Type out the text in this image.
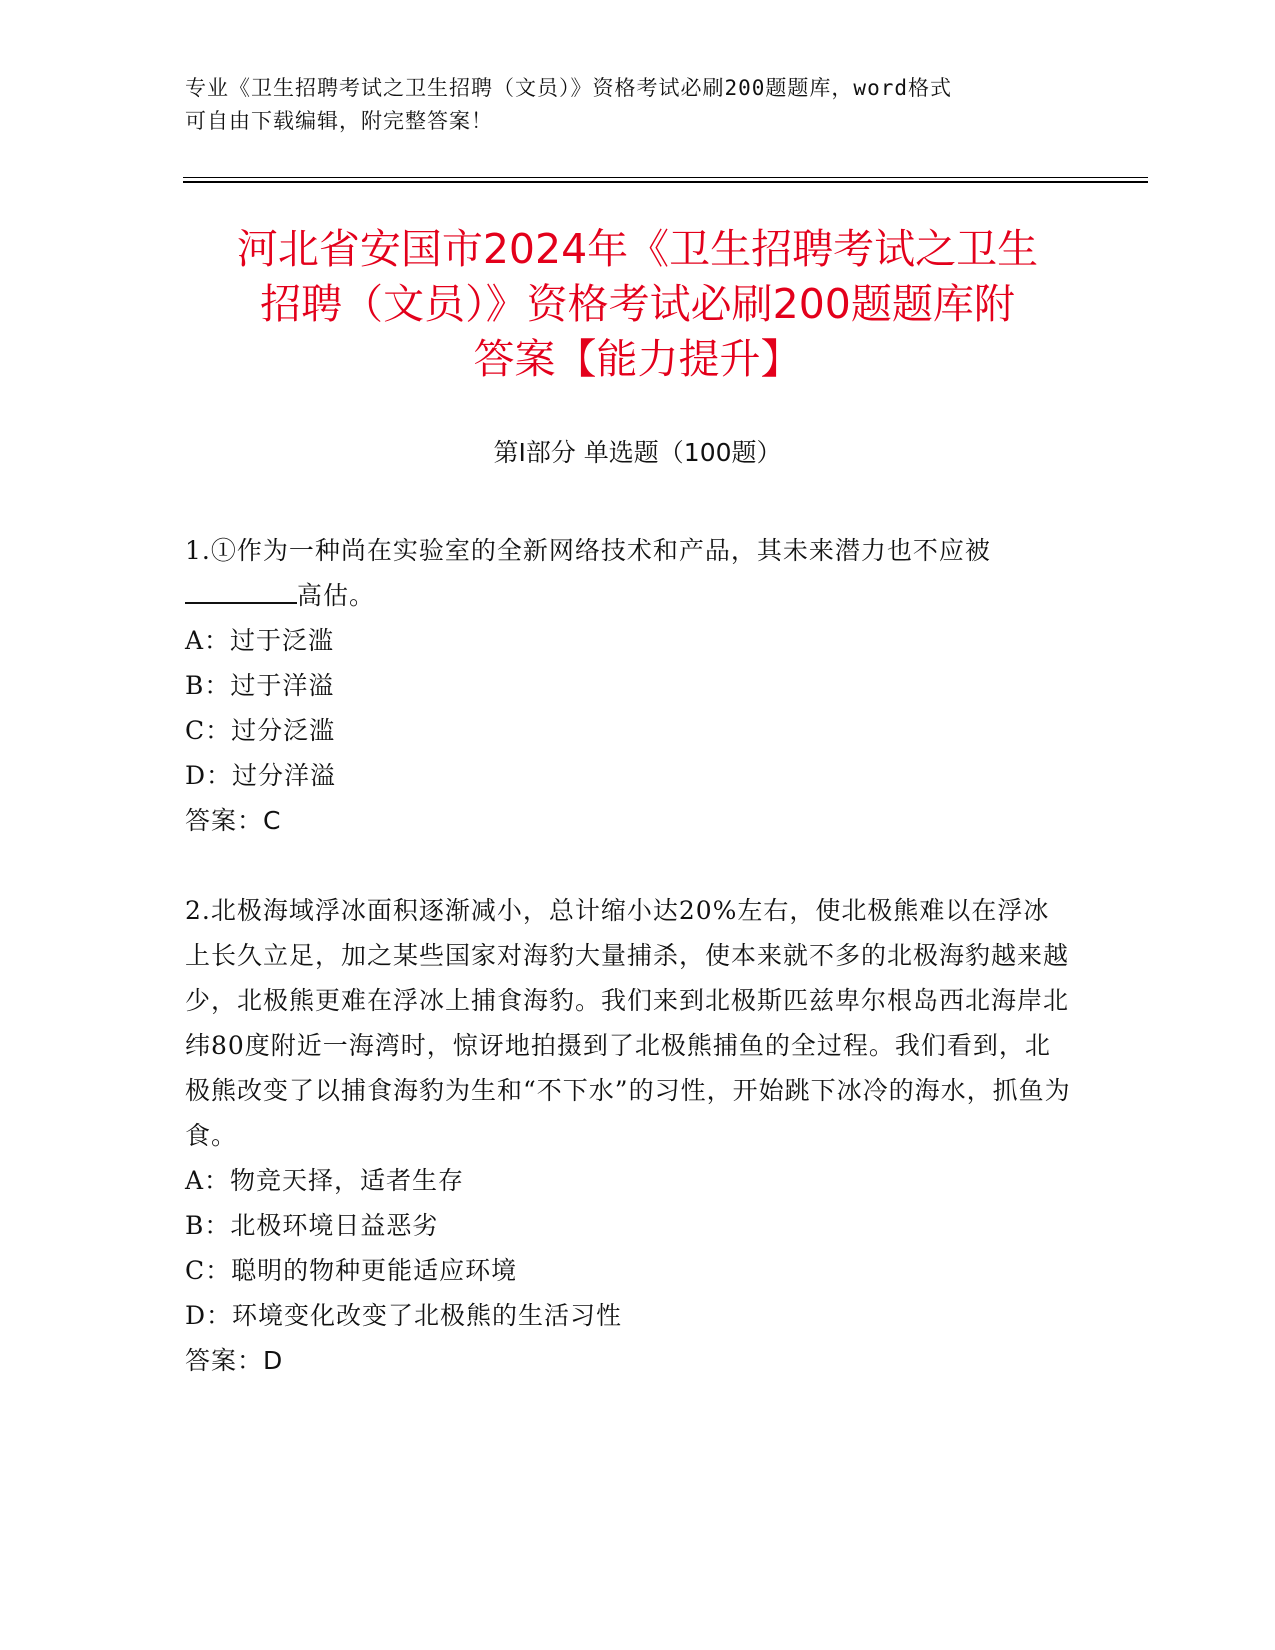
专业《卫生招聘考试之卫生招聘（文员）》资格考试必刷200题题库，word格式
可自由下载编辑，附完整答案！
河北省安国市2024年《卫生招聘考试之卫生
招聘（文员）》资格考试必刷200题题库附
答案【能力提升】
第Ⅰ部分 单选题（100题）

1.①作为一种尚在实验室的全新网络技术和产品，其未来潜力也不应被高估。

A：过于泛滥

B：过于洋溢

C：过分泛滥

D：过分洋溢

答案：C

2.北极海域浮冰面积逐渐减小，总计缩小达20%左右，使北极熊难以在浮冰上长久立足，加之某些国家对海豹大量捕杀，使本来就不多的北极海豹越来越少，北极熊更难在浮冰上捕食海豹。我们来到北极斯匹兹卑尔根岛西北海岸北纬80度附近一海湾时，惊讶地拍摄到了北极熊捕鱼的全过程。我们看到，北极熊改变了以捕食海豹为生和“不下水”的习性，开始跳下冰冷的海水，抓鱼为食。

A：物竞天择，适者生存

B：北极环境日益恶劣

C：聪明的物种更能适应环境

D：环境变化改变了北极熊的生活习性

答案：D
